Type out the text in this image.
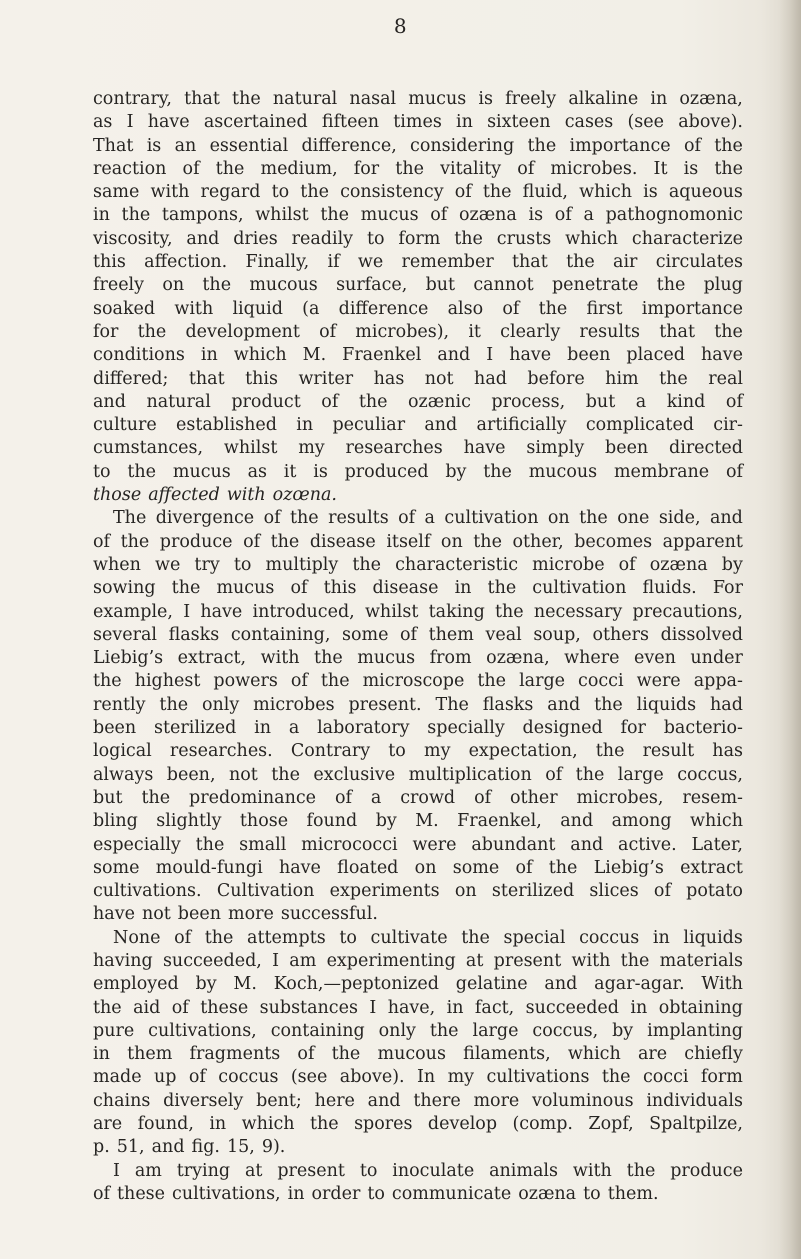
8
contrary, that the natural nasal mucus is freely alkaline in ozæna,
as I have ascertained fifteen times in sixteen cases (see above).
That is an essential difference, considering the importance of the
reaction of the medium, for the vitality of microbes. It is the
same with regard to the consistency of the fluid, which is aqueous
in the tampons, whilst the mucus of ozæna is of a pathognomonic
viscosity, and dries readily to form the crusts which characterize
this affection. Finally, if we remember that the air circulates
freely on the mucous surface, but cannot penetrate the plug
soaked with liquid (a difference also of the first importance
for the development of microbes), it clearly results that the
conditions in which M. Fraenkel and I have been placed have
differed; that this writer has not had before him the real
and natural product of the ozænic process, but a kind of
culture established in peculiar and artificially complicated cir-
cumstances, whilst my researches have simply been directed
to the mucus as it is produced by the mucous membrane of
those affected with ozœna.
The divergence of the results of a cultivation on the one side, and
of the produce of the disease itself on the other, becomes apparent
when we try to multiply the characteristic microbe of ozæna by
sowing the mucus of this disease in the cultivation fluids. For
example, I have introduced, whilst taking the necessary precautions,
several flasks containing, some of them veal soup, others dissolved
Liebig’s extract, with the mucus from ozæna, where even under
the highest powers of the microscope the large cocci were appa-
rently the only microbes present. The flasks and the liquids had
been sterilized in a laboratory specially designed for bacterio-
logical researches. Contrary to my expectation, the result has
always been, not the exclusive multiplication of the large coccus,
but the predominance of a crowd of other microbes, resem-
bling slightly those found by M. Fraenkel, and among which
especially the small micrococci were abundant and active. Later,
some mould-fungi have floated on some of the Liebig’s extract
cultivations. Cultivation experiments on sterilized slices of potato
have not been more successful.
None of the attempts to cultivate the special coccus in liquids
having succeeded, I am experimenting at present with the materials
employed by M. Koch,—peptonized gelatine and agar-agar. With
the aid of these substances I have, in fact, succeeded in obtaining
pure cultivations, containing only the large coccus, by implanting
in them fragments of the mucous filaments, which are chiefly
made up of coccus (see above). In my cultivations the cocci form
chains diversely bent; here and there more voluminous individuals
are found, in which the spores develop (comp. Zopf, Spaltpilze,
p. 51, and fig. 15, 9).
I am trying at present to inoculate animals with the produce
of these cultivations, in order to communicate ozæna to them.
